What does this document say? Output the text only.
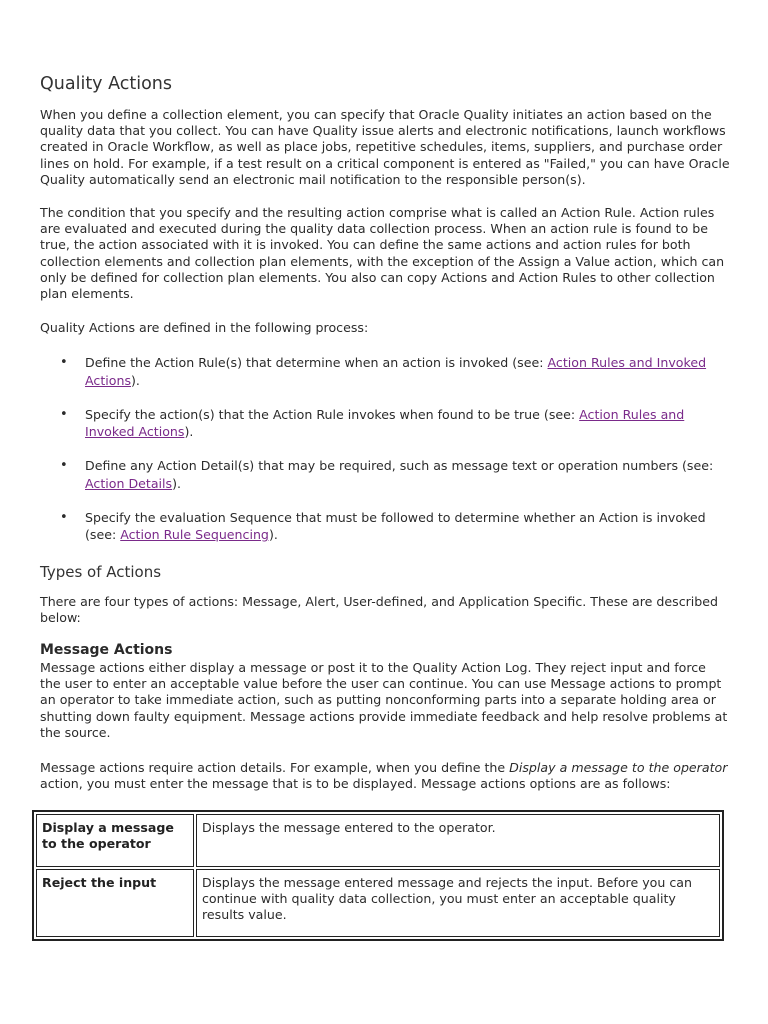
Quality Actions

When you define a collection element, you can specify that Oracle Quality initiates an action based on the quality data that you collect. You can have Quality issue alerts and electronic notifications, launch workflows created in Oracle Workflow, as well as place jobs, repetitive schedules, items, suppliers, and purchase order lines on hold. For example, if a test result on a critical component is entered as "Failed," you can have Oracle Quality automatically send an electronic mail notification to the responsible person(s).

The condition that you specify and the resulting action comprise what is called an Action Rule. Action rules are evaluated and executed during the quality data collection process. When an action rule is found to be true, the action associated with it is invoked. You can define the same actions and action rules for both collection elements and collection plan elements, with the exception of the Assign a Value action, which can only be defined for collection plan elements. You also can copy Actions and Action Rules to other collection plan elements.

Quality Actions are defined in the following process:

• Define the Action Rule(s) that determine when an action is invoked (see: Action Rules and Invoked Actions).
• Specify the action(s) that the Action Rule invokes when found to be true (see: Action Rules and Invoked Actions).
• Define any Action Detail(s) that may be required, such as message text or operation numbers (see: Action Details).
• Specify the evaluation Sequence that must be followed to determine whether an Action is invoked (see: Action Rule Sequencing).
Types of Actions

There are four types of actions: Message, Alert, User-defined, and Application Specific. These are described below:

Message Actions

Message actions either display a message or post it to the Quality Action Log. They reject input and force the user to enter an acceptable value before the user can continue. You can use Message actions to prompt an operator to take immediate action, such as putting nonconforming parts into a separate holding area or shutting down faulty equipment. Message actions provide immediate feedback and help resolve problems at the source.

Message actions require action details. For example, when you define the Display a message to the operator action, you must enter the message that is to be displayed. Message actions options are as follows:

Display a message to the operator	Displays the message entered to the operator.
Reject the input	Displays the message entered message and rejects the input. Before you can continue with quality data collection, you must enter an acceptable quality results value.
